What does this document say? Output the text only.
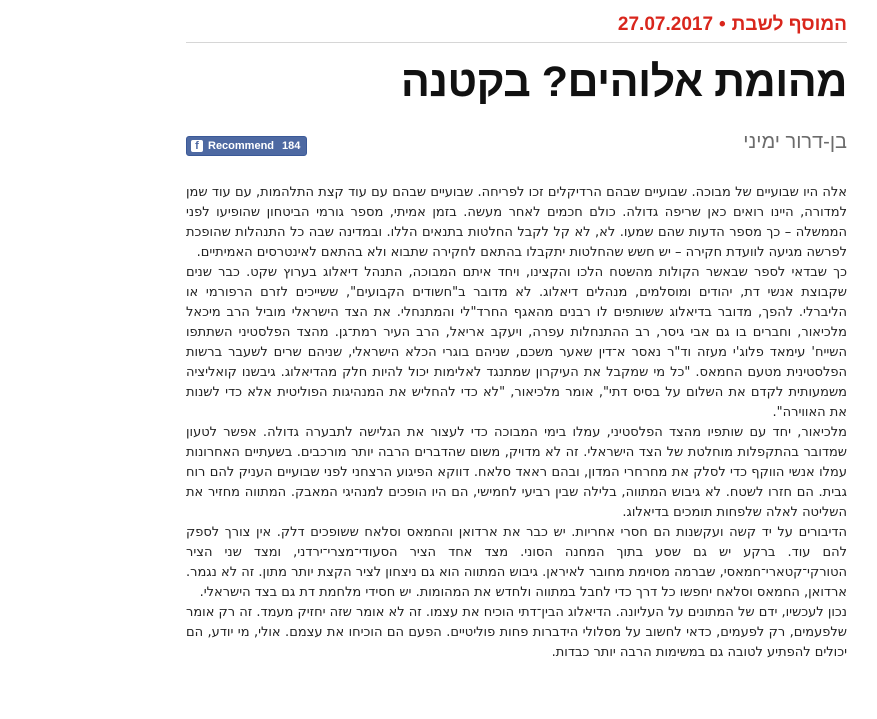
המוסף לשבת•27.07.2017
מהומת אלוהים? בקטנה
בן-דרור ימיני
f Recommend 184

אלה היו שבועיים של מבוכה. שבועיים שבהם הרדיקלים זכו לפריחה. שבועיים שבהם עם עוד קצת התלהמות, עם עוד שמן למדורה, היינו רואים כאן שריפה גדולה. כולם חכמים לאחר מעשה. בזמן אמיתי, מספר גורמי הביטחון שהופיעו לפני הממשלה – כך מספר הדעות שהם שמעו. לא, לא קל לקבל החלטות בתנאים הללו. ובמדינה שבה כל התנהלות שהופכת לפרשה מגיעה לוועדת חקירה – יש חשש שהחלטות יתקבלו בהתאם לחקירה שתבוא ולא בהתאם לאינטרסים האמיתיים.

כך שבדאי לספר שבאשר הקולות מהשטח הלכו והקצינו, ויחד איתם המבוכה, התנהל דיאלוג בערוץ שקט. כבר שנים שקבוצת אנשי דת, יהודים ומוסלמים, מנהלים דיאלוג. לא מדובר ב"חשודים הקבועים", ששייכים לזרם הרפורמי או הליברלי. להפך, מדובר בדיאלוג ששותפים לו רבנים מהאגף החרד"לי והמתנחלי. את הצד הישראלי מוביל הרב מיכאל מלכיאור, וחברים בו גם אבי גיסר, רב ההתנחלות עפרה, ויעקב אריאל, הרב העיר רמת־גן. מהצד הפלסטיני השתתפו השייח' עימאד פלוג'י מעזה וד"ר נאסר א־דין שאער משכם, שניהם בוגרי הכלא הישראלי, שניהם שרים לשעבר ברשות הפלסטינית מטעם החמאס. "כל מי שמקבל את העיקרון שמתנגד לאלימות יכול להיות חלק מהדיאלוג. גיבשנו קואליציה משמעותית לקדם את השלום על בסיס דתי", אומר מלכיאור, "לא כדי להחליש את המנהיגות הפוליטית אלא כדי לשנות את האווירה".

מלכיאור, יחד עם שותפיו מהצד הפלסטיני, עמלו בימי המבוכה כדי לעצור את הגלישה לתבערה גדולה. אפשר לטעון שמדובר בהתקפלות מוחלטת של הצד הישראלי. זה לא מדויק, משום שהדברים הרבה יותר מורכבים. בשעתיים האחרונות עמלו אנשי הווקף כדי לסלק את מחרחרי המדון, ובהם ראאד סלאח. דווקא הפיגוע הרצחני לפני שבועיים העניק להם רוח גבית. הם חזרו לשטח. לא גיבוש המתווה, בלילה שבין רביעי לחמישי, הם היו הופכים למנהיגי המאבק. המתווה מחזיר את השליטה לאלה שלפחות תומכים בדיאלוג.

הדיבורים על יד קשה ועקשנות הם חסרי אחריות. יש כבר את ארדואן והחמאס וסלאח ששופכים דלק. אין צורך לספק להם עוד. ברקע יש גם שסע בתוך המחנה הסוני. מצד אחד הציר הסעודי־מצרי־ירדני, ומצד שני הציר הטורקי־קטארי־חמאסי, שברמה מסוימת מחובר לאיראן. גיבוש המתווה הוא גם ניצחון לציר הקצת יותר מתון. זה לא נגמר. ארדואן, החמאס וסלאח יחפשו כל דרך כדי לחבל במתווה ולחדש את המהומות. יש חסידי מלחמת דת גם בצד הישראלי.

נכון לעכשיו, ידם של המתונים על העליונה. הדיאלוג הבין־דתי הוכיח את עצמו. זה לא אומר שזה יחזיק מעמד. זה רק אומר שלפעמים, רק לפעמים, כדאי לחשוב על מסלולי הידברות פחות פוליטיים. הפעם הם הוכיחו את עצמם. אולי, מי יודע, הם יכולים להפתיע לטובה גם במשימות הרבה יותר כבדות.
